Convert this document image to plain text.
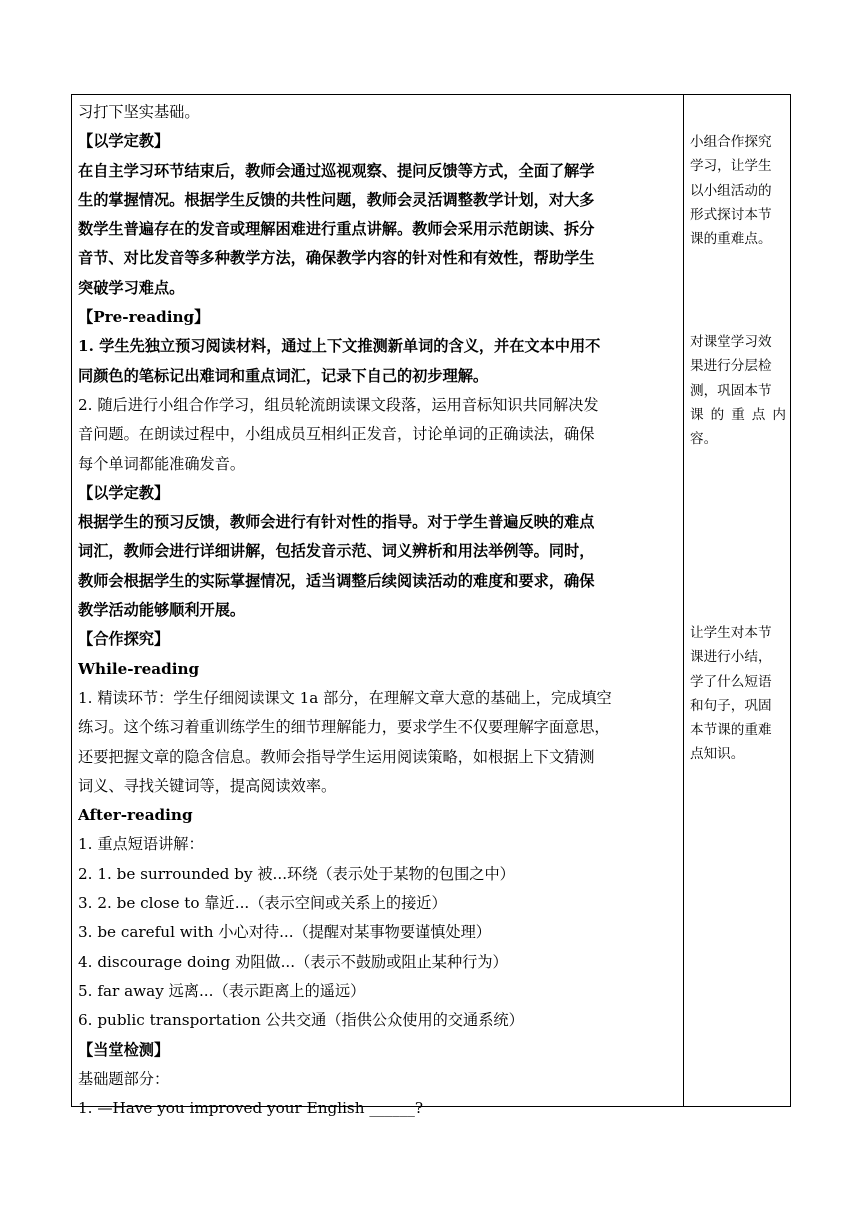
习打下坚实基础。
【以学定教】
在自主学习环节结束后，教师会通过巡视观察、提问反馈等方式，全面了解学
生的掌握情况。根据学生反馈的共性问题，教师会灵活调整教学计划，对大多
数学生普遍存在的发音或理解困难进行重点讲解。教师会采用示范朗读、拆分
音节、对比发音等多种教学方法，确保教学内容的针对性和有效性，帮助学生
突破学习难点。
【Pre-reading】
1. 学生先独立预习阅读材料，通过上下文推测新单词的含义，并在文本中用不
同颜色的笔标记出难词和重点词汇，记录下自己的初步理解。
2. 随后进行小组合作学习，组员轮流朗读课文段落，运用音标知识共同解决发
音问题。在朗读过程中，小组成员互相纠正发音，讨论单词的正确读法，确保
每个单词都能准确发音。
【以学定教】
根据学生的预习反馈，教师会进行有针对性的指导。对于学生普遍反映的难点
词汇，教师会进行详细讲解，包括发音示范、词义辨析和用法举例等。同时，
教师会根据学生的实际掌握情况，适当调整后续阅读活动的难度和要求，确保
教学活动能够顺利开展。
【合作探究】
While-reading
1. 精读环节：学生仔细阅读课文 1a 部分，在理解文章大意的基础上，完成填空
练习。这个练习着重训练学生的细节理解能力，要求学生不仅要理解字面意思，
还要把握文章的隐含信息。教师会指导学生运用阅读策略，如根据上下文猜测
词义、寻找关键词等，提高阅读效率。
After-reading
1. 重点短语讲解：
2. 1. be surrounded by 被...环绕（表示处于某物的包围之中）
3. 2. be close to 靠近...（表示空间或关系上的接近）
3. be careful with 小心对待...（提醒对某事物要谨慎处理）
4. discourage doing 劝阻做...（表示不鼓励或阻止某种行为）
5. far away 远离...（表示距离上的遥远）
6. public transportation 公共交通（指供公众使用的交通系统）
【当堂检测】
基础题部分：
1. —Have you improved your English ______?
小组合作探究
学习，让学生
以小组活动的
形式探讨本节
课的重难点。
对课堂学习效
果进行分层检
测，巩固本节
课 的 重 点 内
容。
让学生对本节
课进行小结，
学了什么短语
和句子，巩固
本节课的重难
点知识。
